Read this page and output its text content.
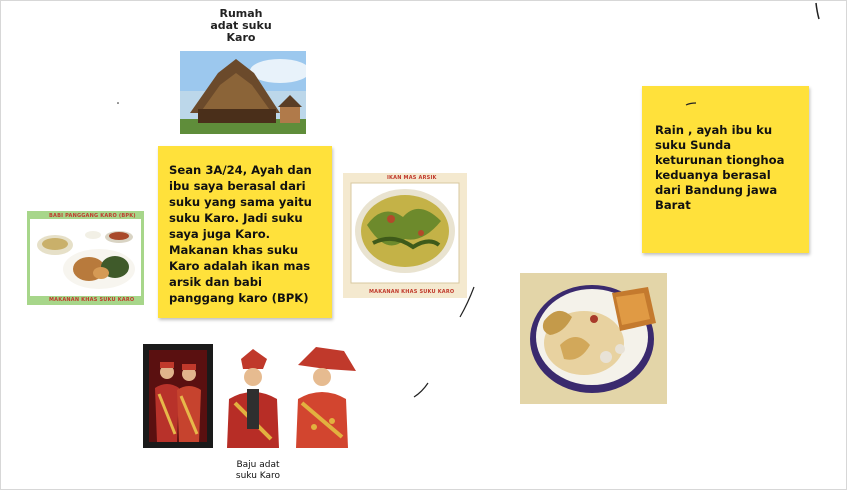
Rumah
adat suku
Karo
Sean 3A/24, Ayah dan
ibu saya berasal dari
suku yang sama yaitu
suku Karo. Jadi suku
saya juga Karo.
Makanan khas suku
Karo adalah ikan mas
arsik dan babi
panggang karo (BPK)
BABI PANGGANG KARO (BPK)
MAKANAN KHAS SUKU KARO
IKAN MAS ARSIK
MAKANAN KHAS SUKU KARO
Rain , ayah ibu ku
suku Sunda
keturunan tionghoa
keduanya berasal
dari Bandung jawa
Barat
Baju adat
suku Karo
